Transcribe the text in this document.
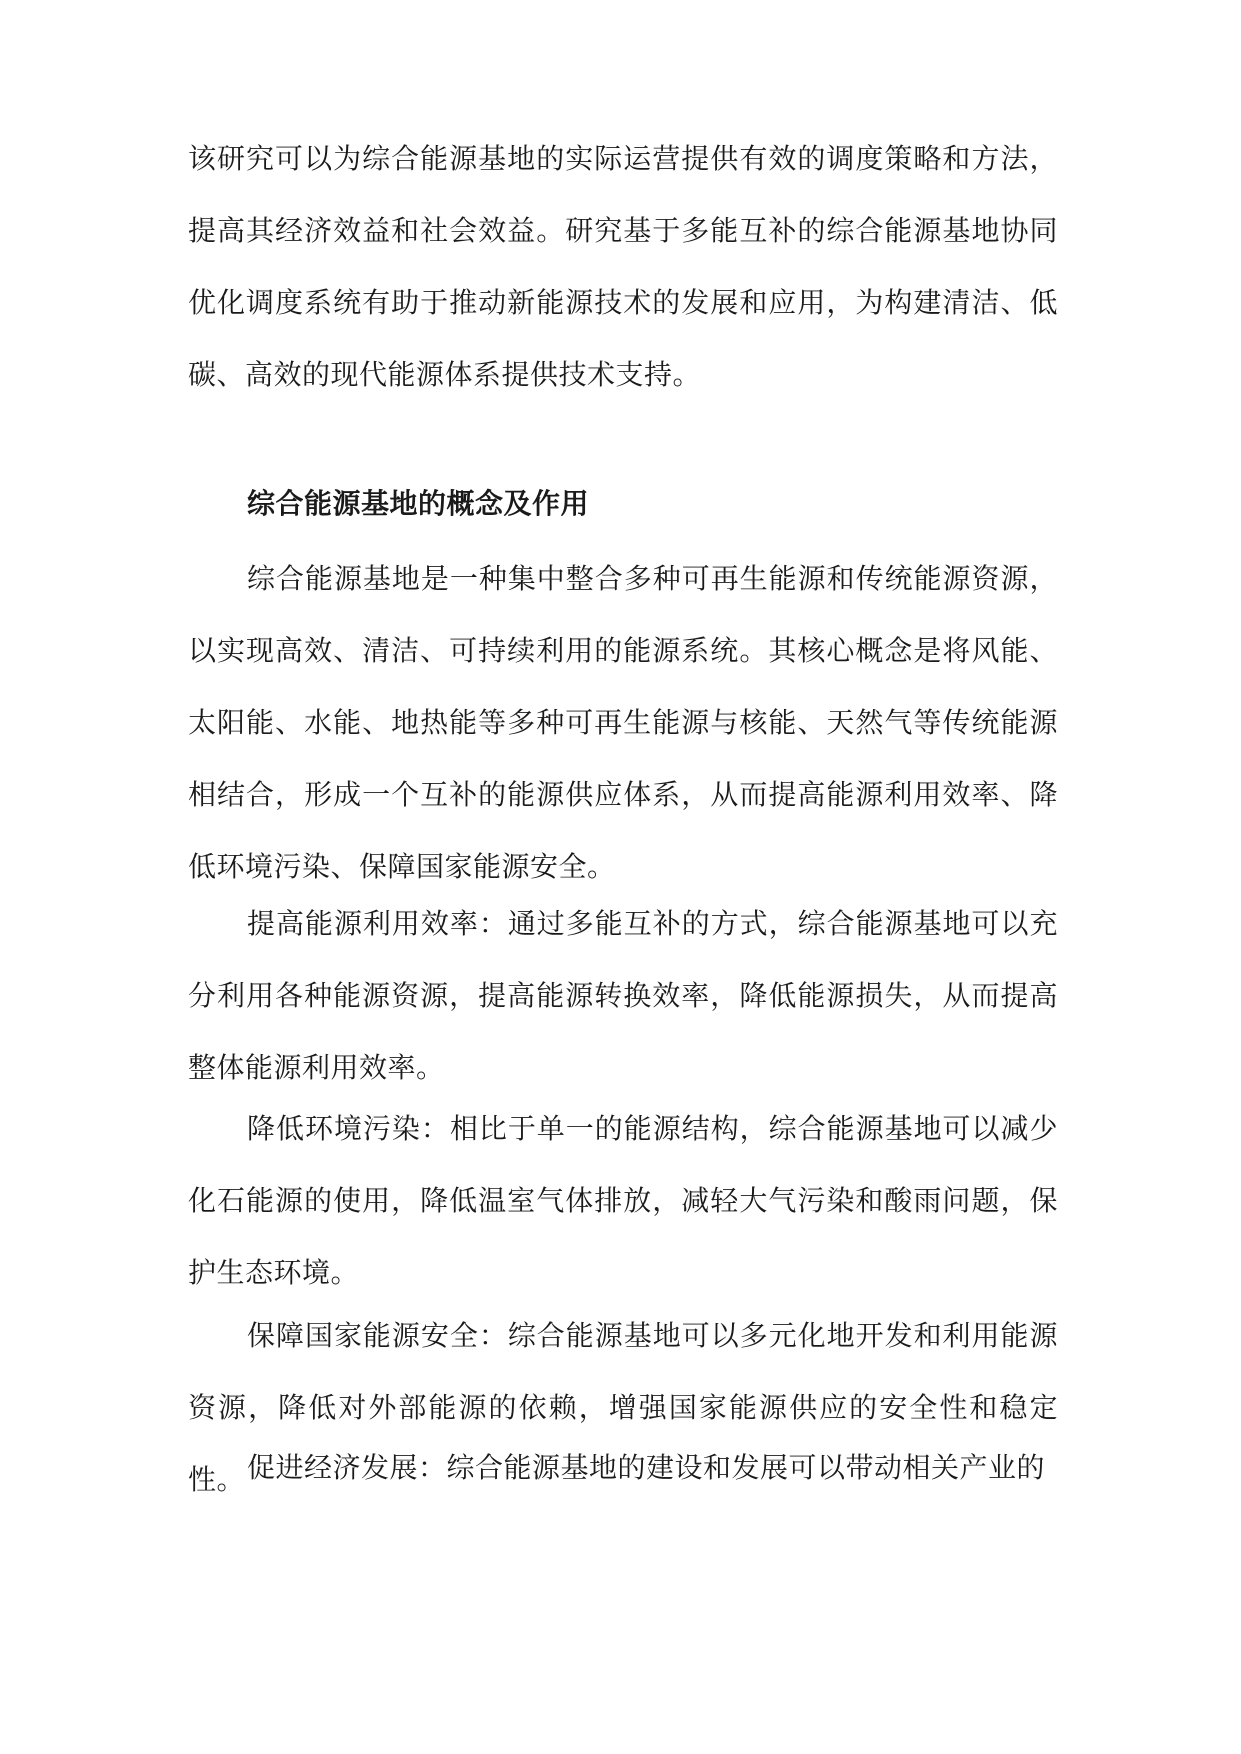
该研究可以为综合能源基地的实际运营提供有效的调度策略和方法，提高其经济效益和社会效益。研究基于多能互补的综合能源基地协同优化调度系统有助于推动新能源技术的发展和应用，为构建清洁、低碳、高效的现代能源体系提供技术支持。

综合能源基地的概念及作用

综合能源基地是一种集中整合多种可再生能源和传统能源资源，以实现高效、清洁、可持续利用的能源系统。其核心概念是将风能、太阳能、水能、地热能等多种可再生能源与核能、天然气等传统能源相结合，形成一个互补的能源供应体系，从而提高能源利用效率、降低环境污染、保障国家能源安全。

提高能源利用效率：通过多能互补的方式，综合能源基地可以充分利用各种能源资源，提高能源转换效率，降低能源损失，从而提高整体能源利用效率。

降低环境污染：相比于单一的能源结构，综合能源基地可以减少化石能源的使用，降低温室气体排放，减轻大气污染和酸雨问题，保护生态环境。

保障国家能源安全：综合能源基地可以多元化地开发和利用能源资源，降低对外部能源的依赖，增强国家能源供应的安全性和稳定性。 促进经济发展：综合能源基地的建设和发展可以带动相关产业的
